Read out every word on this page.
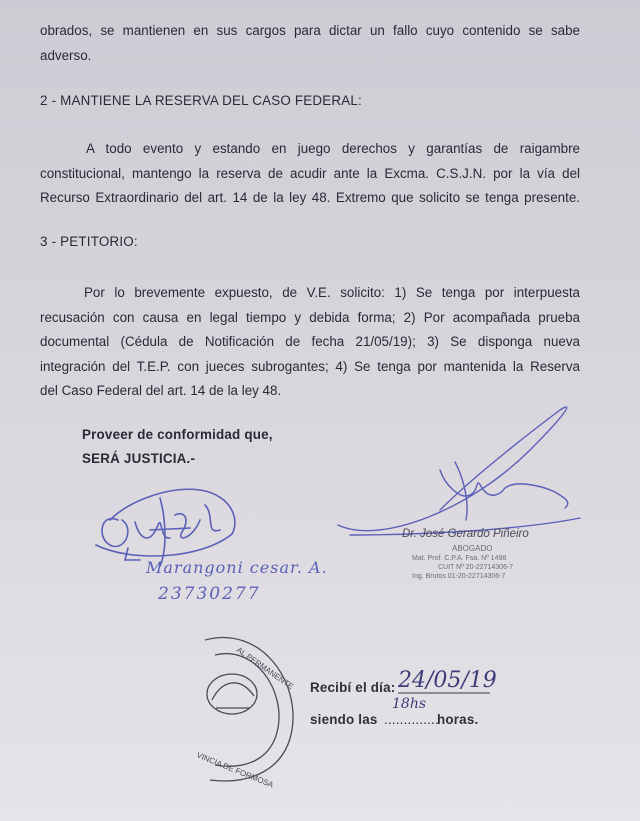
obrados, se mantienen en sus cargos para dictar un fallo cuyo contenido se sabe
adverso.
2 - MANTIENE LA RESERVA DEL CASO FEDERAL:
A todo evento y estando en juego derechos y garantías de raigambre
constitucional, mantengo la reserva de acudir ante la Excma. C.S.J.N. por la vía del
Recurso Extraordinario del art. 14 de la ley 48. Extremo que solicito se tenga presente.
3 - PETITORIO:
Por lo brevemente expuesto, de V.E. solicito: 1) Se tenga por interpuesta
recusación con causa en legal tiempo y debida forma; 2) Por acompañada prueba
documental (Cédula de Notificación de fecha 21/05/19); 3) Se disponga nueva
integración del T.E.P. con jueces subrogantes; 4) Se tenga por mantenida la Reserva
del Caso Federal del art. 14 de la ley 48.
Proveer de conformidad que,
SERÁ JUSTICIA.-
AL PERMANENTE
VINCIA DE FORMOSA
Marangoni cesar. A.
23730277
Dr. José Gerardo Piñeiro
ABOGADO
Mat. Prof. C.P.A. Fsa. Nº 1498
CUIT Nº 20-22714306-7
Ing. Brutos 01-20-22714306-7
Recibí el día: 24/05/19
siendo las ..............
18hs
horas.
